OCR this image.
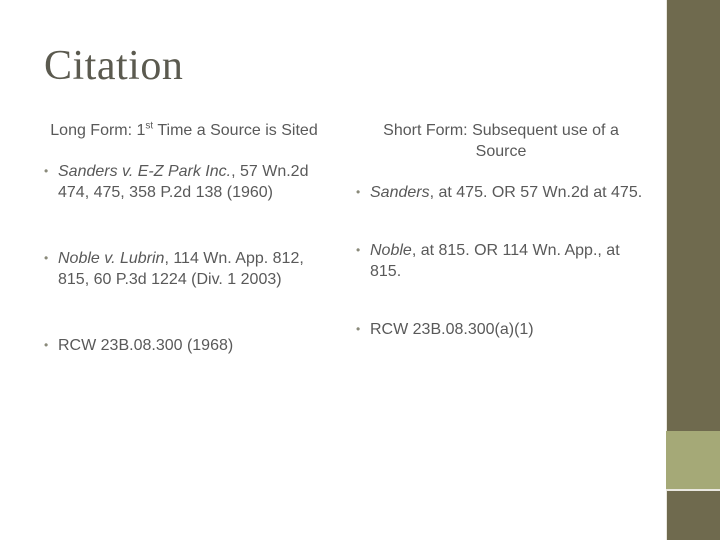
Citation
Long Form: 1st Time a Source is Sited
• Sanders v. E-Z Park Inc., 57 Wn.2d 474, 475, 358 P.2d 138 (1960)
• Noble v. Lubrin, 114 Wn. App. 812, 815, 60 P.3d 1224 (Div. 1 2003)
• RCW 23B.08.300 (1968)
Short Form: Subsequent use of a Source
• Sanders, at 475. OR 57 Wn.2d at 475.
• Noble, at 815. OR 114 Wn. App., at 815.
• RCW 23B.08.300(a)(1)
